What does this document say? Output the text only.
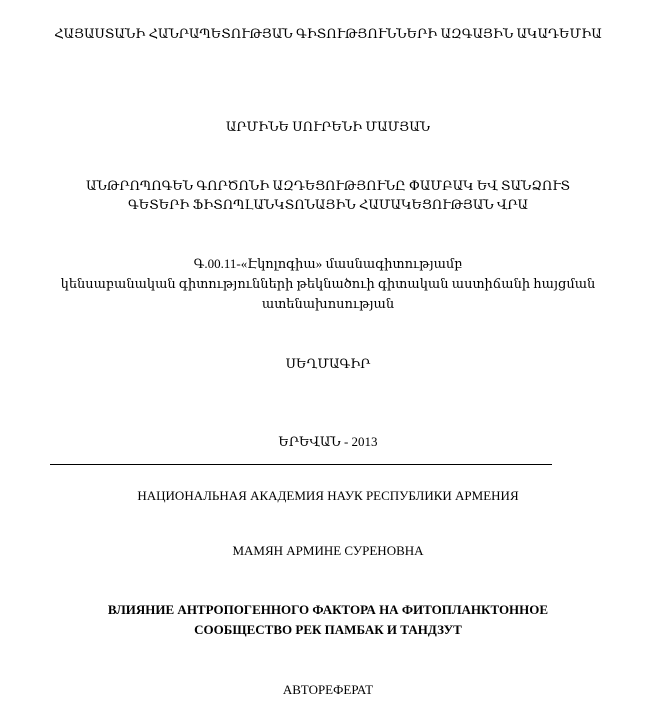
ՀԱՅԱՍՏԱՆԻ ՀԱՆՐԱՊԵՏՈՒԹՅԱՆ ԳԻՏՈՒԹՅՈՒՆՆԵՐԻ ԱԶԳԱՅԻՆ ԱԿԱԴԵՄԻԱ
ԱՐՄԻՆԵ ՍՈՒՐԵՆԻ ՄԱՄՅԱՆ
ԱՆԹՐՈՊՈԳԵՆ ԳՈՐԾՈՆԻ ԱԶԴԵՑՈՒԹՅՈՒՆԸ ՓԱՄԲԱԿ ԵՎ ՏԱՆՁՈՒՏ
ԳԵՏԵՐԻ ՖԻՏՈՊԼԱՆԿՏՈՆԱՅԻՆ ՀԱՄԱԿԵՑՈՒԹՅԱՆ ՎՐԱ
Գ.00.11-«Էկոլոգիա» մասնագիտությամբ
կենսաբանական գիտությունների թեկնածուի գիտական աստիճանի հայցման
ատենախոսության
ՍԵՂՄԱԳԻՐ
ԵՐԵՎԱՆ - 2013
НАЦИОНАЛЬНАЯ АКАДЕМИЯ НАУК РЕСПУБЛИКИ АРМЕНИЯ
МАМЯН АРМИНЕ СУРЕНОВНА
ВЛИЯНИЕ АНТРОПОГЕННОГО ФАКТОРА НА ФИТОПЛАНКТОННОЕ
СООБЩЕСТВО РЕК ПАМБАК И ТАНДЗУТ
АВТОРЕФЕРАТ
